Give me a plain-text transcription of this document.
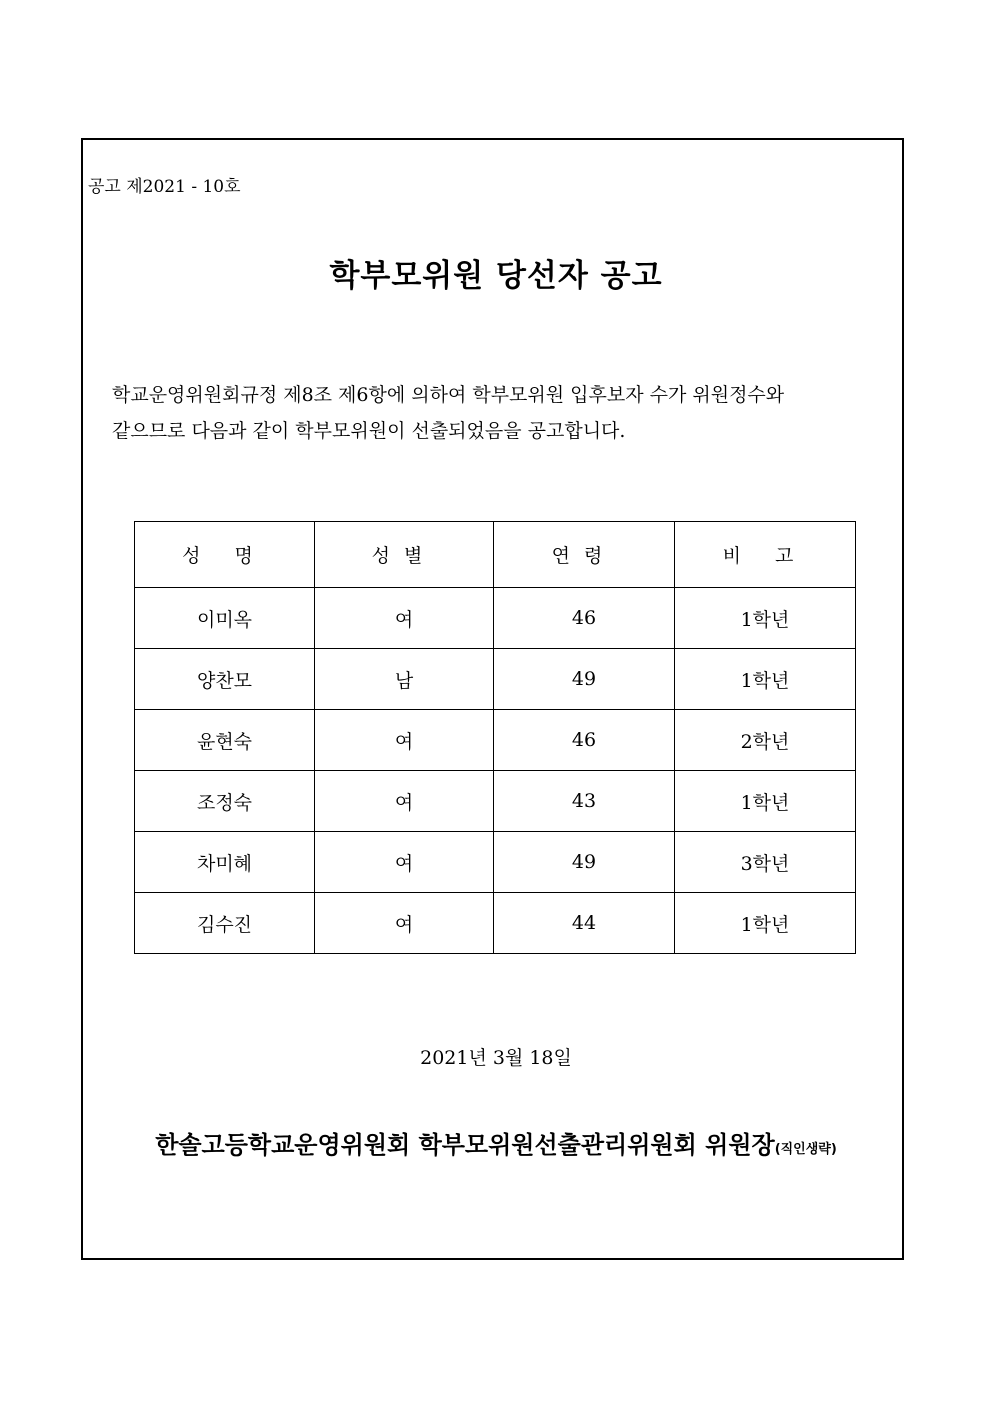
공고 제2021 - 10호
학부모위원 당선자 공고
학교운영위원회규정 제8조 제6항에 의하여 학부모위원 입후보자 수가 위원정수와
같으므로 다음과 같이 학부모위원이 선출되었음을 공고합니다.
성 명	성별	연령	비 고
이미옥	여	46	1학년
양찬모	남	49	1학년
윤현숙	여	46	2학년
조정숙	여	43	1학년
차미혜	여	49	3학년
김수진	여	44	1학년
2021년 3월 18일
한솔고등학교운영위원회 학부모위원선출관리위원회 위원장(직인생략)
